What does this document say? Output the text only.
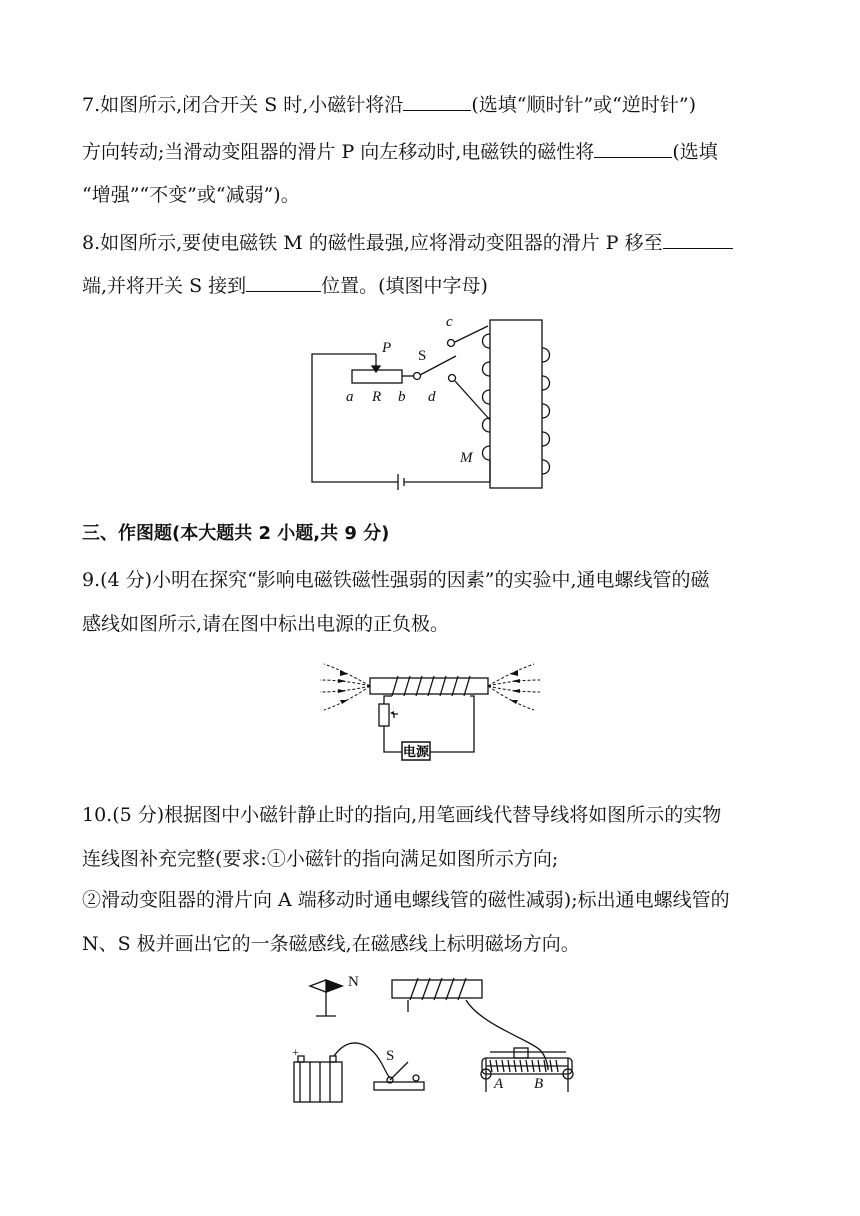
7.如图所示,闭合开关 S 时,小磁针将沿	(选填“顺时针”或“逆时针”)
方向转动;当滑动变阻器的滑片 P 向左移动时,电磁铁的磁性将	(选填
“增强”“不变”或“减弱”)。
8.如图所示,要使电磁铁 M 的磁性最强,应将滑动变阻器的滑片 P 移至
端,并将开关 S 接到	位置。(填图中字母)
c
P S
a R b d
M
三、作图题(本大题共 2 小题,共 9 分)
9.(4 分)小明在探究“影响电磁铁磁性强弱的因素”的实验中,通电螺线管的磁
感线如图所示,请在图中标出电源的正负极。
电源
10.(5 分)根据图中小磁针静止时的指向,用笔画线代替导线将如图所示的实物
连线图补充完整(要求:①小磁针的指向满足如图所示方向;
②滑动变阻器的滑片向 A 端移动时通电螺线管的磁性减弱);标出通电螺线管的
N、S 极并画出它的一条磁感线,在磁感线上标明磁场方向。
N
S
A B
+
